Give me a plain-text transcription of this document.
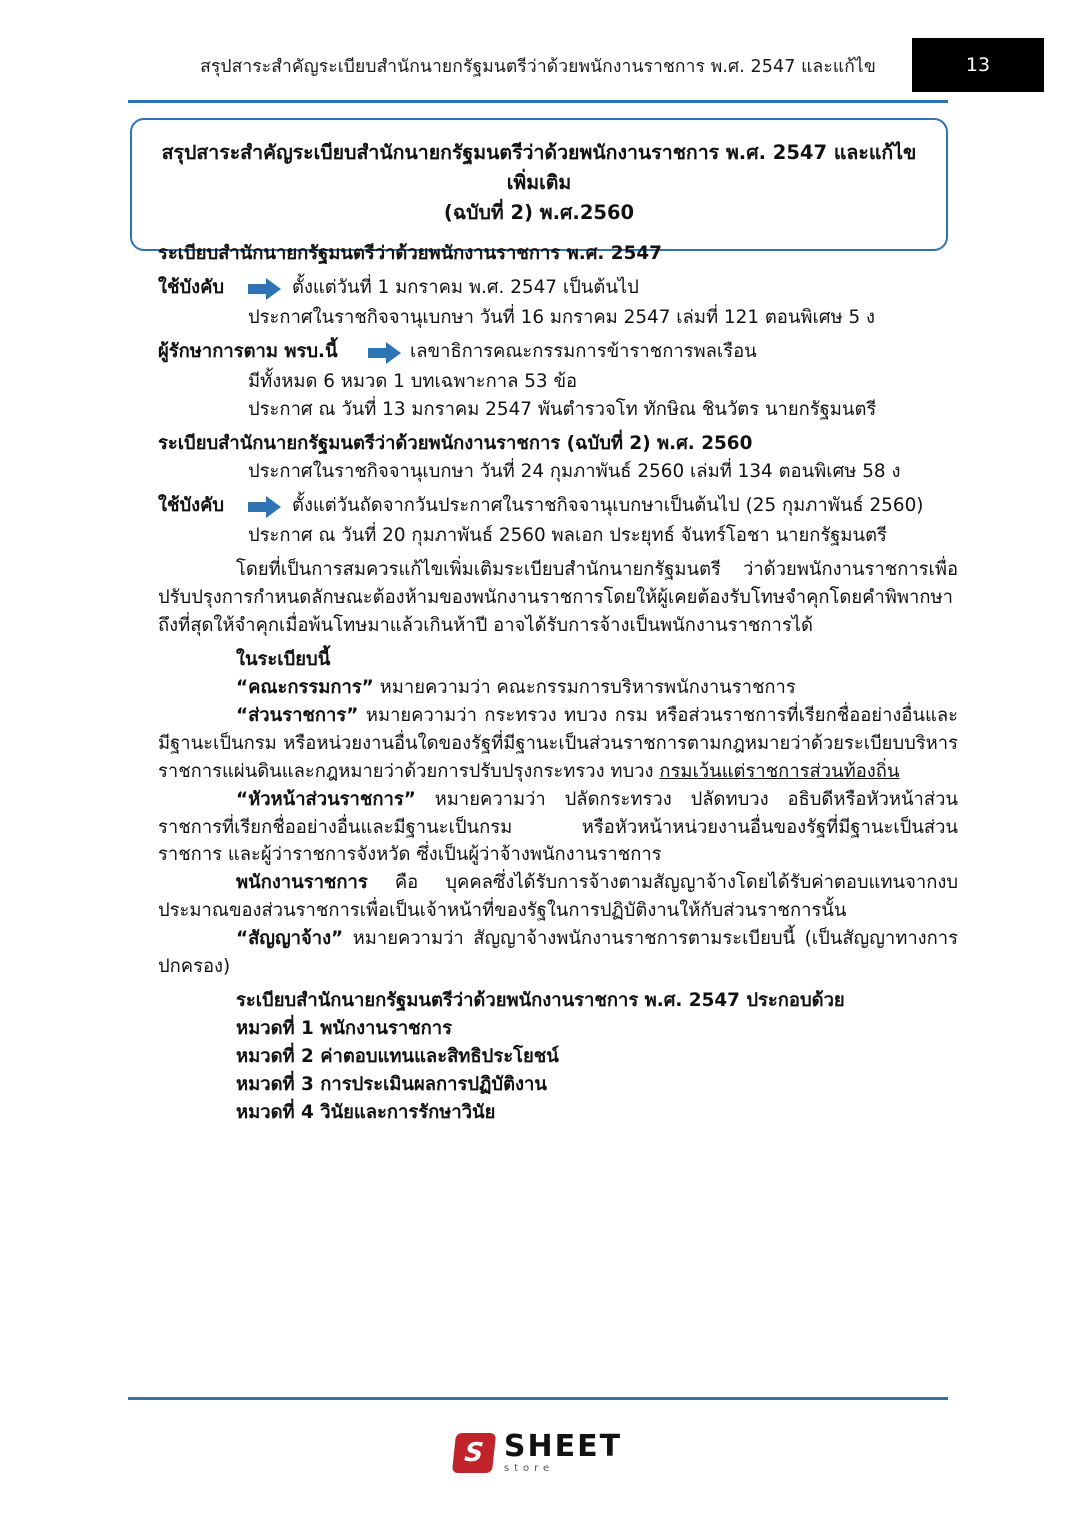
สรุปสาระสำคัญระเบียบสำนักนายกรัฐมนตรีว่าด้วยพนักงานราชการ พ.ศ. 2547 และแก้ไข	13
สรุปสาระสำคัญระเบียบสำนักนายกรัฐมนตรีว่าด้วยพนักงานราชการ พ.ศ. 2547 และแก้ไขเพิ่มเติม
(ฉบับที่ 2) พ.ศ.2560
ระเบียบสำนักนายกรัฐมนตรีว่าด้วยพนักงานราชการ พ.ศ. 2547
ใช้บังคับ	ตั้งแต่วันที่ 1 มกราคม พ.ศ. 2547 เป็นต้นไป
ประกาศในราชกิจจานุเบกษา วันที่ 16 มกราคม 2547 เล่มที่ 121 ตอนพิเศษ 5 ง
ผู้รักษาการตาม พรบ.นี้	เลขาธิการคณะกรรมการข้าราชการพลเรือน
มีทั้งหมด 6 หมวด 1 บทเฉพาะกาล 53 ข้อ
ประกาศ ณ วันที่ 13 มกราคม 2547 พันตำรวจโท ทักษิณ ชินวัตร นายกรัฐมนตรี
ระเบียบสำนักนายกรัฐมนตรีว่าด้วยพนักงานราชการ (ฉบับที่ 2) พ.ศ. 2560
ประกาศในราชกิจจานุเบกษา วันที่ 24 กุมภาพันธ์ 2560 เล่มที่ 134 ตอนพิเศษ 58 ง
ใช้บังคับ	ตั้งแต่วันถัดจากวันประกาศในราชกิจจานุเบกษาเป็นต้นไป (25 กุมภาพันธ์ 2560)
ประกาศ ณ วันที่ 20 กุมภาพันธ์ 2560 พลเอก ประยุทธ์ จันทร์โอชา นายกรัฐมนตรี
โดยที่เป็นการสมควรแก้ไขเพิ่มเติมระเบียบสำนักนายกรัฐมนตรี ว่าด้วยพนักงานราชการเพื่อปรับปรุงการกำหนดลักษณะต้องห้ามของพนักงานราชการโดยให้ผู้เคยต้องรับโทษจำคุกโดยคำพิพากษาถึงที่สุดให้จำคุกเมื่อพ้นโทษมาแล้วเกินห้าปี อาจได้รับการจ้างเป็นพนักงานราชการได้
ในระเบียบนี้
“คณะกรรมการ” หมายความว่า คณะกรรมการบริหารพนักงานราชการ
“ส่วนราชการ” หมายความว่า กระทรวง ทบวง กรม หรือส่วนราชการที่เรียกชื่ออย่างอื่นและมีฐานะเป็นกรม หรือหน่วยงานอื่นใดของรัฐที่มีฐานะเป็นส่วนราชการตามกฎหมายว่าด้วยระเบียบบริหารราชการแผ่นดินและกฎหมายว่าด้วยการปรับปรุงกระทรวง ทบวง กรมเว้นแต่ราชการส่วนท้องถิ่น
“หัวหน้าส่วนราชการ” หมายความว่า ปลัดกระทรวง ปลัดทบวง อธิบดีหรือหัวหน้าส่วนราชการที่เรียกชื่ออย่างอื่นและมีฐานะเป็นกรม หรือหัวหน้าหน่วยงานอื่นของรัฐที่มีฐานะเป็นส่วนราชการ และผู้ว่าราชการจังหวัด ซึ่งเป็นผู้ว่าจ้างพนักงานราชการ
พนักงานราชการ คือ บุคคลซึ่งได้รับการจ้างตามสัญญาจ้างโดยได้รับค่าตอบแทนจากงบประมาณของส่วนราชการเพื่อเป็นเจ้าหน้าที่ของรัฐในการปฏิบัติงานให้กับส่วนราชการนั้น
“สัญญาจ้าง” หมายความว่า สัญญาจ้างพนักงานราชการตามระเบียบนี้ (เป็นสัญญาทางการปกครอง)
ระเบียบสำนักนายกรัฐมนตรีว่าด้วยพนักงานราชการ พ.ศ. 2547 ประกอบด้วย
หมวดที่ 1 พนักงานราชการ
หมวดที่ 2 ค่าตอบแทนและสิทธิประโยชน์
หมวดที่ 3 การประเมินผลการปฏิบัติงาน
หมวดที่ 4 วินัยและการรักษาวินัย
S SHEET
store
